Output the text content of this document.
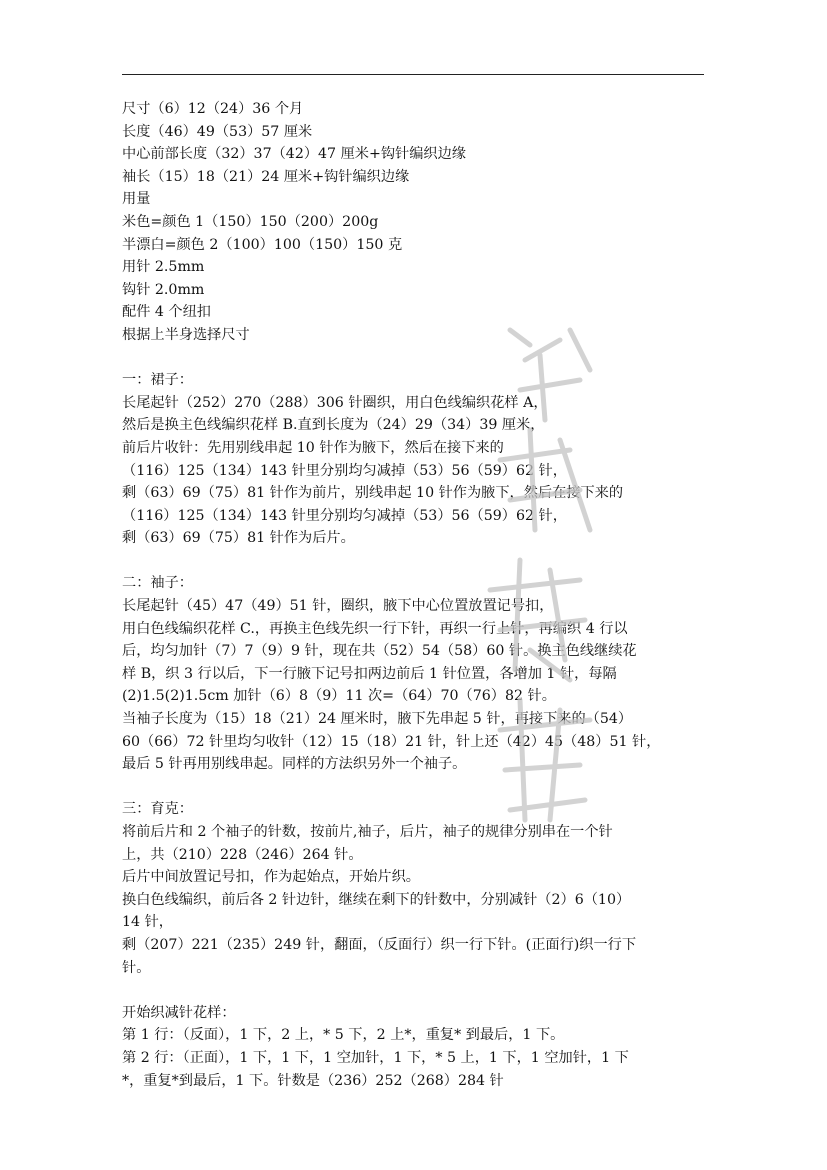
尺寸（6）12（24）36 个月

长度（46）49（53）57 厘米

中心前部长度（32）37（42）47 厘米+钩针编织边缘

袖长（15）18（21）24 厘米+钩针编织边缘

用量

米色=颜色 1（150）150（200）200g

半漂白=颜色 2（100）100（150）150 克

用针 2.5mm

钩针 2.0mm

配件 4 个纽扣

根据上半身选择尺寸

一：裙子：

长尾起针（252）270（288）306 针圈织，用白色线编织花样 A，

然后是换主色线编织花样 B.直到长度为（24）29（34）39 厘米，

前后片收针：先用别线串起 10 针作为腋下，然后在接下来的

（116）125（134）143 针里分别均匀减掉（53）56（59）62 针，

剩（63）69（75）81 针作为前片，别线串起 10 针作为腋下，然后在接下来的

（116）125（134）143 针里分别均匀减掉（53）56（59）62 针，

剩（63）69（75）81 针作为后片。

二：袖子：

长尾起针（45）47（49）51 针，圈织，腋下中心位置放置记号扣，

用白色线编织花样 C.，再换主色线先织一行下针，再织一行上针，再编织 4 行以

后，均匀加针（7）7（9）9 针，现在共（52）54（58）60 针。换主色线继续花

样 B，织 3 行以后，下一行腋下记号扣两边前后 1 针位置，各增加 1 针，每隔

(2)1.5(2)1.5cm 加针（6）8（9）11 次=（64）70（76）82 针。

当袖子长度为（15）18（21）24 厘米时，腋下先串起 5 针，再接下来的（54）

60（66）72 针里均匀收针（12）15（18）21 针，针上还（42）45（48）51 针，

最后 5 针再用别线串起。同样的方法织另外一个袖子。

三：育克：

将前后片和 2 个袖子的针数，按前片,袖子，后片，袖子的规律分别串在一个针

上，共（210）228（246）264 针。

后片中间放置记号扣，作为起始点，开始片织。

换白色线编织，前后各 2 针边针，继续在剩下的针数中，分别减针（2）6（10）

14 针，

剩（207）221（235）249 针，翻面，（反面行）织一行下针。(正面行)织一行下

针。

开始织减针花样：

第 1 行：（反面），1 下，2 上，* 5 下，2 上*，重复* 到最后，1 下。

第 2 行：（正面），1 下，1 下，1 空加针，1 下，* 5 上，1 下，1 空加针，1 下

*，重复*到最后，1 下。针数是（236）252（268）284 针
